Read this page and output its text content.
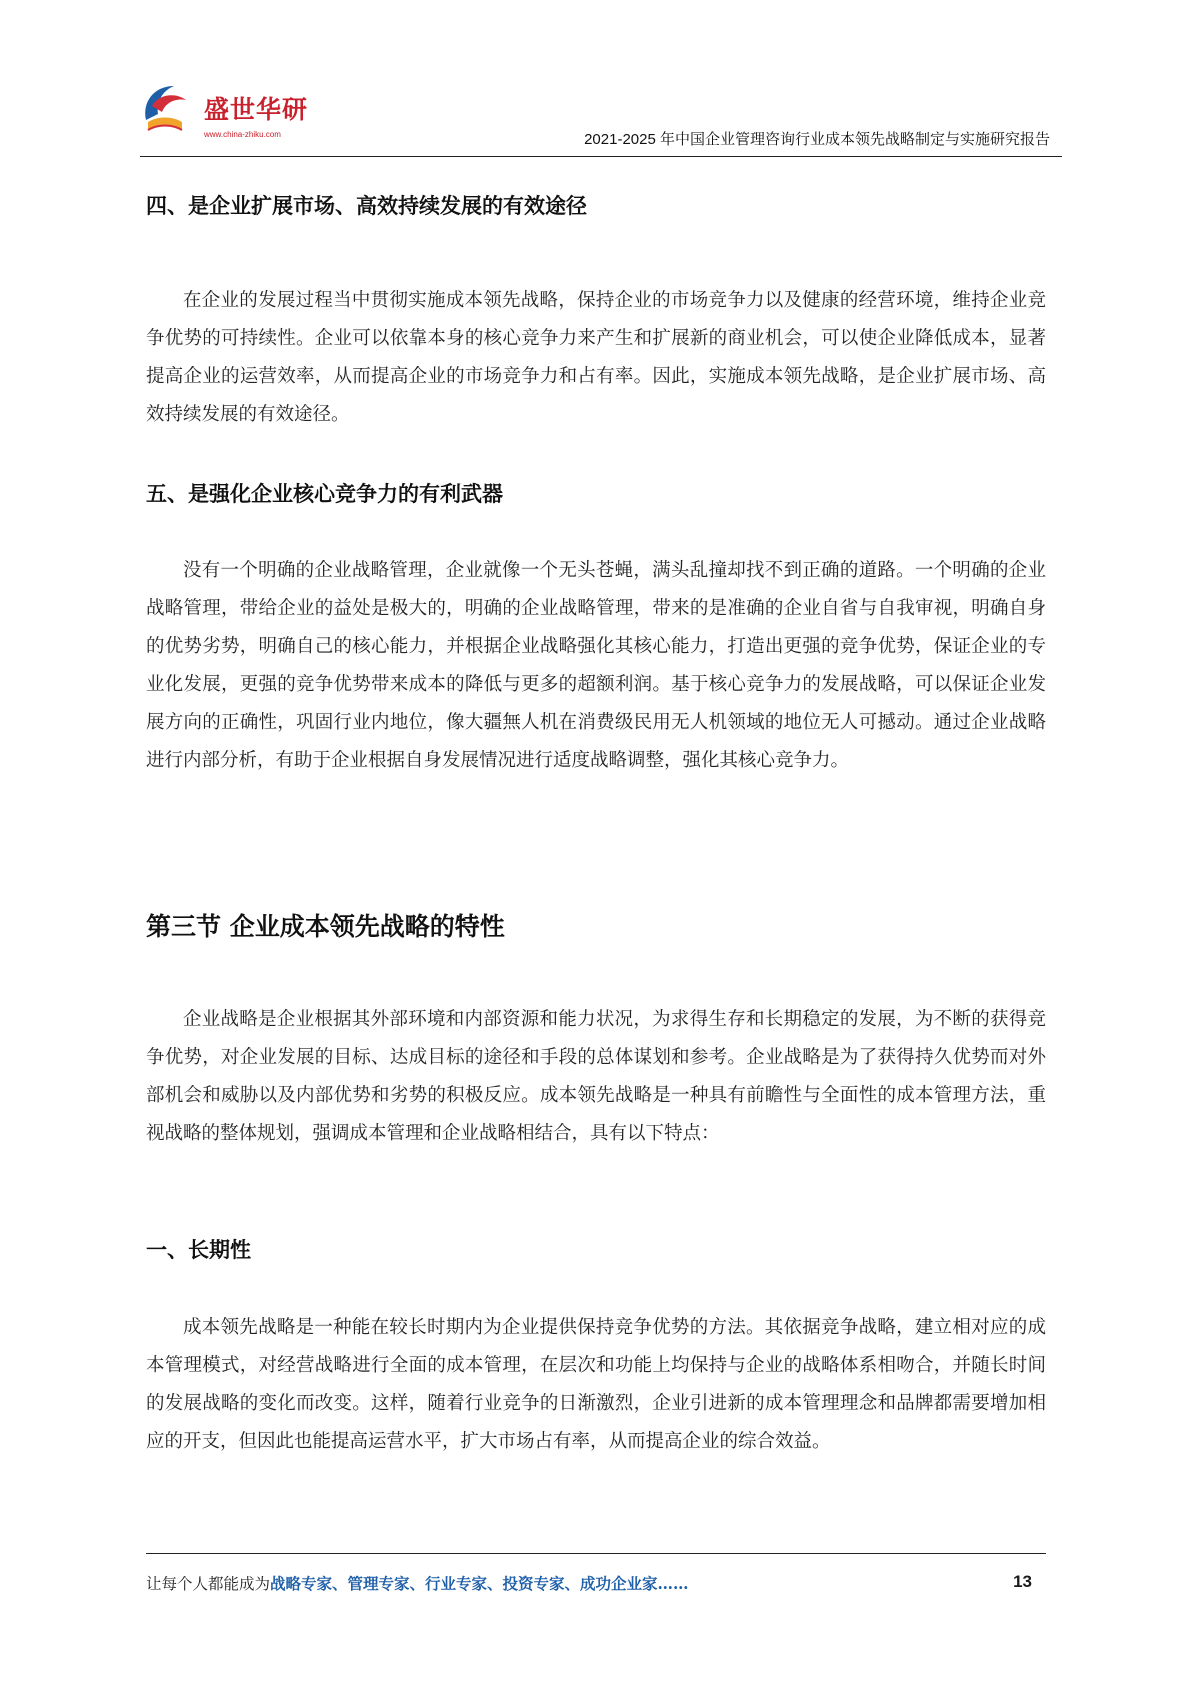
盛世华研
www.china-zhiku.com	2021-2025 年中国企业管理咨询行业成本领先战略制定与实施研究报告
四、是企业扩展市场、高效持续发展的有效途径

在企业的发展过程当中贯彻实施成本领先战略，保持企业的市场竞争力以及健康的经营环境，维持企业竞争优势的可持续性。企业可以依靠本身的核心竞争力来产生和扩展新的商业机会，可以使企业降低成本，显著提高企业的运营效率，从而提高企业的市场竞争力和占有率。因此，实施成本领先战略，是企业扩展市场、高效持续发展的有效途径。

五、是强化企业核心竞争力的有利武器

没有一个明确的企业战略管理，企业就像一个无头苍蝇，满头乱撞却找不到正确的道路。一个明确的企业战略管理，带给企业的益处是极大的，明确的企业战略管理，带来的是准确的企业自省与自我审视，明确自身的优势劣势，明确自己的核心能力，并根据企业战略强化其核心能力，打造出更强的竞争优势，保证企业的专业化发展，更强的竞争优势带来成本的降低与更多的超额利润。基于核心竞争力的发展战略，可以保证企业发展方向的正确性，巩固行业内地位，像大疆無人机在消费级民用无人机领域的地位无人可撼动。通过企业战略进行内部分析，有助于企业根据自身发展情况进行适度战略调整，强化其核心竞争力。

第三节 企业成本领先战略的特性

企业战略是企业根据其外部环境和内部资源和能力状况，为求得生存和长期稳定的发展，为不断的获得竞争优势，对企业发展的目标、达成目标的途径和手段的总体谋划和参考。企业战略是为了获得持久优势而对外部机会和威胁以及内部优势和劣势的积极反应。成本领先战略是一种具有前瞻性与全面性的成本管理方法，重视战略的整体规划，强调成本管理和企业战略相结合，具有以下特点：

一、长期性

成本领先战略是一种能在较长时期内为企业提供保持竞争优势的方法。其依据竞争战略，建立相对应的成本管理模式，对经营战略进行全面的成本管理，在层次和功能上均保持与企业的战略体系相吻合，并随长时间的发展战略的变化而改变。这样，随着行业竞争的日渐激烈，企业引进新的成本管理理念和品牌都需要增加相应的开支，但因此也能提高运营水平，扩大市场占有率，从而提高企业的综合效益。

让每个人都能成为战略专家、管理专家、行业专家、投资专家、成功企业家……	13
